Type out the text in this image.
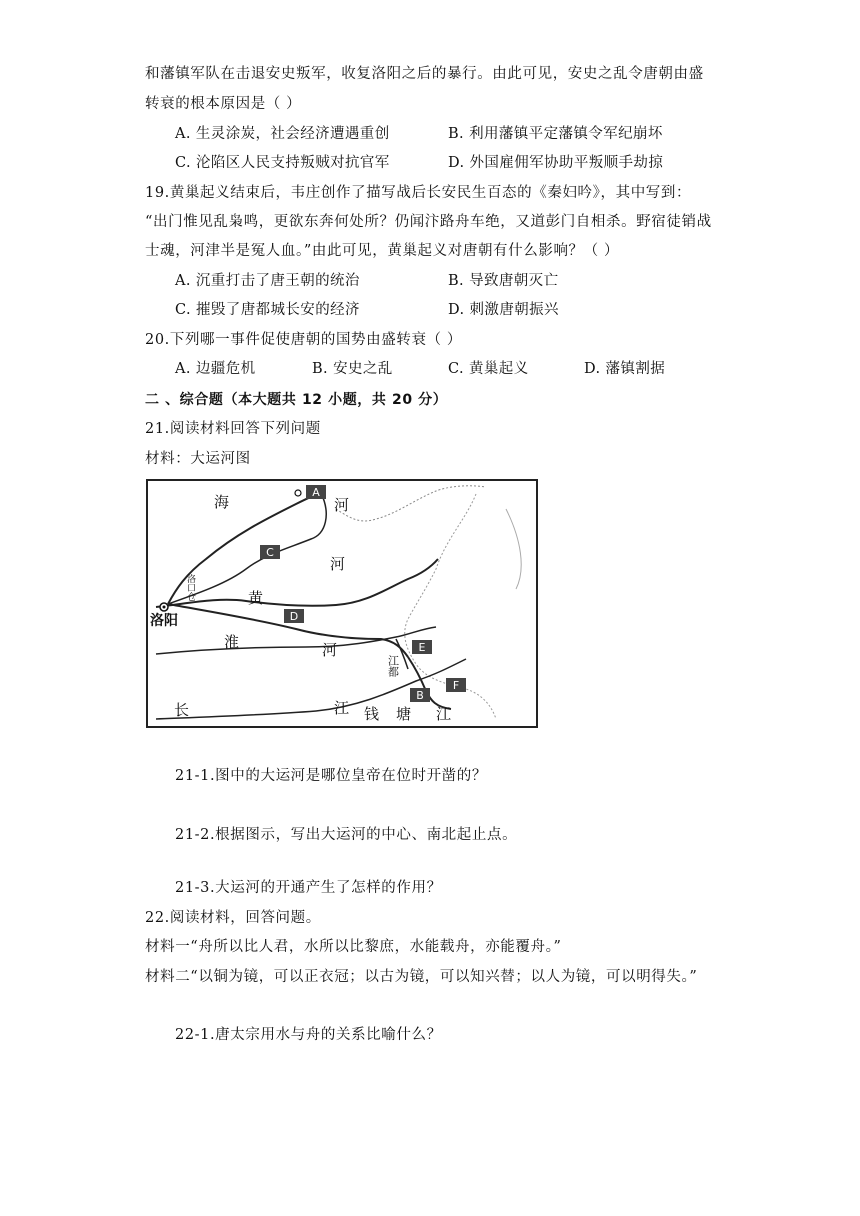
和藩镇军队在击退安史叛军，收复洛阳之后的暴行。由此可见，安史之乱令唐朝由盛
转衰的根本原因是（ ）
A. 生灵涂炭，社会经济遭遇重创	B. 利用藩镇平定藩镇令军纪崩坏
C. 沦陷区人民支持叛贼对抗官军	D. 外国雇佣军协助平叛顺手劫掠
19.黄巢起义结束后，韦庄创作了描写战后长安民生百态的《秦妇吟》，其中写到：
“出门惟见乱枭鸣，更欲东奔何处所？仍闻汴路舟车绝，又道彭门自相杀。野宿徒销战
士魂，河津半是冤人血。”由此可见，黄巢起义对唐朝有什么影响？（ ）
A. 沉重打击了唐王朝的统治	B. 导致唐朝灭亡
C. 摧毁了唐都城长安的经济	D. 刺激唐朝振兴
20.下列哪一事件促使唐朝的国势由盛转衰（ ）
A. 边疆危机	B. 安史之乱	C. 黄巢起义	D. 藩镇割据
二 、综合题（本大题共 12 小题，共 20 分）
21.阅读材料回答下列问题
材料：大运河图
海	河
河
黄
淮	河
洛阳
洛口仓
江都
长	江 钱 塘 江
A
C
D
E
F
B
21-1.图中的大运河是哪位皇帝在位时开凿的？
21-2.根据图示，写出大运河的中心、南北起止点。
21-3.大运河的开通产生了怎样的作用？
22.阅读材料，回答问题。
材料一“舟所以比人君，水所以比黎庶，水能载舟，亦能覆舟。”
材料二“以铜为镜，可以正衣冠；以古为镜，可以知兴替；以人为镜，可以明得失。”
22-1.唐太宗用水与舟的关系比喻什么？
